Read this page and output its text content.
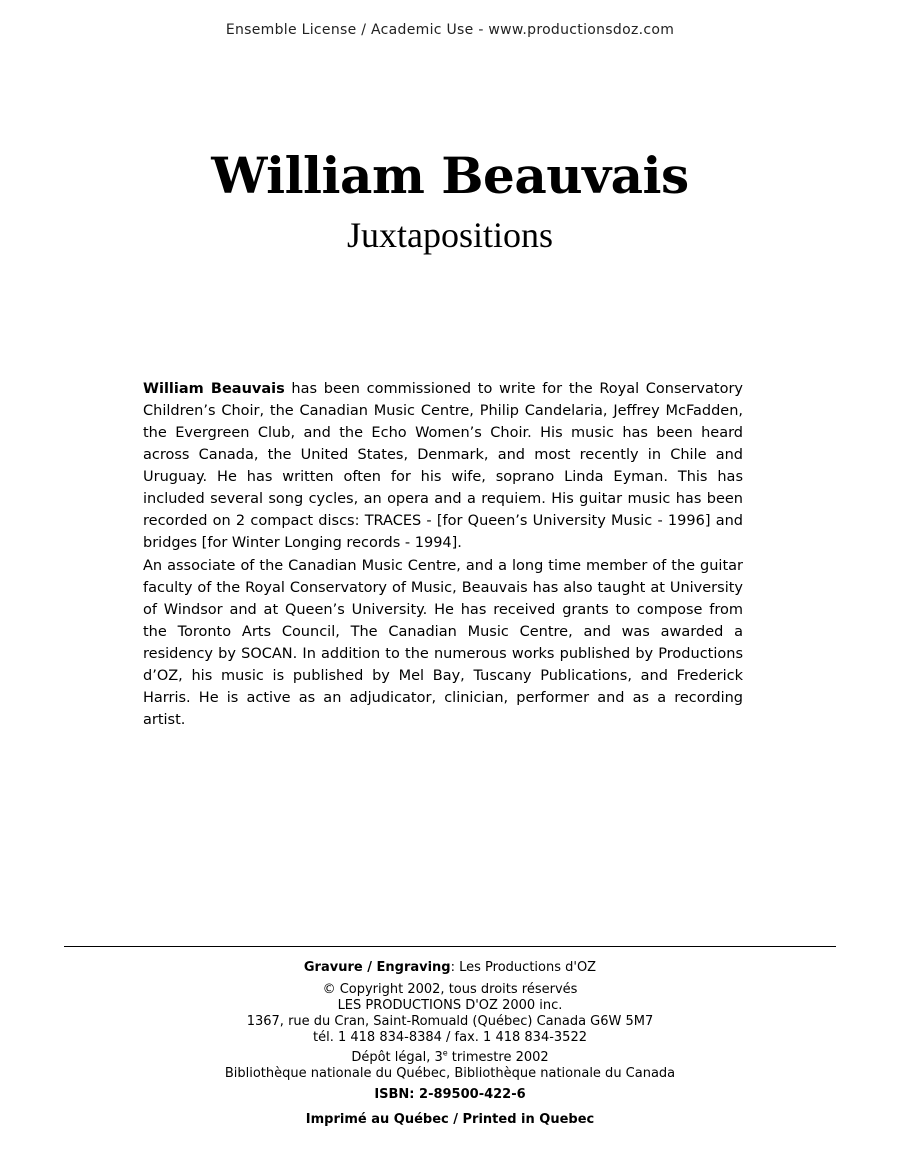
Ensemble License / Academic Use - www.productionsdoz.com
William Beauvais
Juxtapositions

William Beauvais has been commissioned to write for the Royal Conservatory Children’s Choir, the Canadian Music Centre, Philip Candelaria, Jeffrey McFadden, the Evergreen Club, and the Echo Women’s Choir. His music has been heard across Canada, the United States, Denmark, and most recently in Chile and Uruguay. He has written often for his wife, soprano Linda Eyman. This has included several song cycles, an opera and a requiem. His guitar music has been recorded on 2 compact discs: TRACES - [for Queen’s University Music - 1996] and bridges [for Winter Longing records - 1994].

An associate of the Canadian Music Centre, and a long time member of the guitar faculty of the Royal Conservatory of Music, Beauvais has also taught at University of Windsor and at Queen’s University. He has received grants to compose from the Toronto Arts Council, The Canadian Music Centre, and was awarded a residency by SOCAN. In addition to the numerous works published by Productions d’OZ, his music is published by Mel Bay, Tuscany Publications, and Frederick Harris. He is active as an adjudicator, clinician, performer and as a recording artist.

Gravure / Engraving: Les Productions d'OZ
© Copyright 2002, tous droits réservés
LES PRODUCTIONS D'OZ 2000 inc.
1367, rue du Cran, Saint-Romuald (Québec) Canada G6W 5M7
tél. 1 418 834-8384 / fax. 1 418 834-3522
Dépôt légal, 3e trimestre 2002
Bibliothèque nationale du Québec, Bibliothèque nationale du Canada
ISBN: 2-89500-422-6
Imprimé au Québec / Printed in Quebec
